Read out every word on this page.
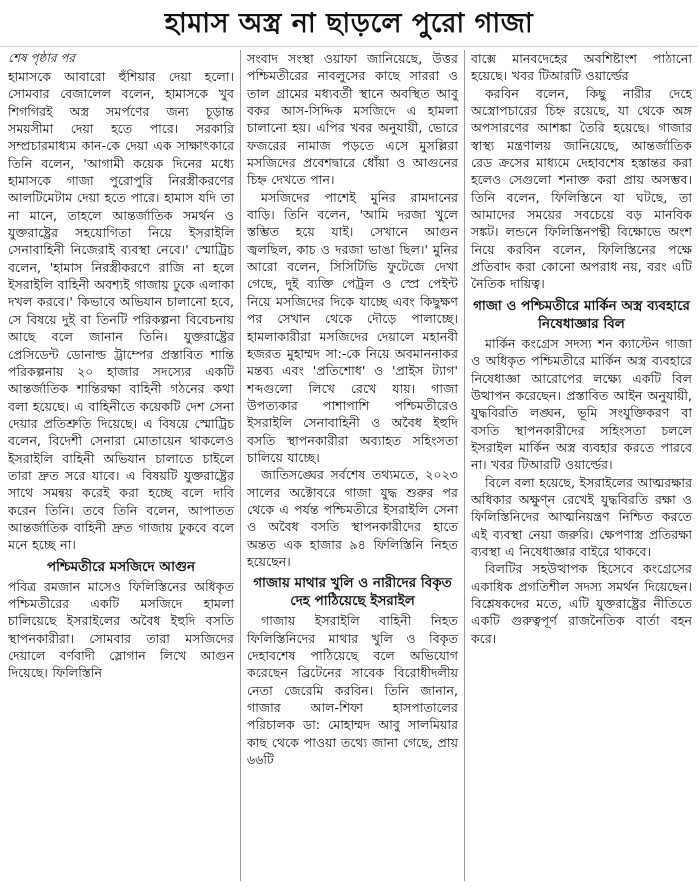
হামাস অস্ত্র না ছাড়লে পুরো গাজা
শেষ পৃষ্ঠার পর

হামাসকে আবারো হুঁশিয়ার দেয়া হলো। সোমবার বেজালেল বলেন, হামাসকে খুব শিগগিরই অস্ত্র সমর্পণের জন্য চূড়ান্ত সময়সীমা দেয়া হতে পারে। সরকারি সম্প্রচারমাধ্যম কান-কে দেয়া এক সাক্ষাৎকারে তিনি বলেন, 'আগামী কয়েক দিনের মধ্যে হামাসকে গাজা পুরোপুরি নিরস্ত্রীকরণের আলটিমেটাম দেয়া হতে পারে। হামাস যদি তা না মানে, তাহলে আন্তর্জাতিক সমর্থন ও যুক্তরাষ্ট্রের সহযোগিতা নিয়ে ইসরাইলি সেনাবাহিনী নিজেরাই ব্যবস্থা নেবে।' স্মোট্রিচ বলেন, 'হামাস নিরস্ত্রীকরণে রাজি না হলে ইসরাইলি বাহিনী অবশ্যই গাজায় ঢুকে এলাকা দখল করবে।' কিভাবে অভিযান চালানো হবে, সে বিষয়ে দুই বা তিনটি পরিকল্পনা বিবেচনায় আছে বলে জানান তিনি। যুক্তরাষ্ট্রের প্রেসিডেন্ট ডোনাল্ড ট্রাম্পের প্রস্তাবিত শান্তি পরিকল্পনায় ২০ হাজার সদস্যের একটি আন্তর্জাতিক শান্তিরক্ষা বাহিনী গঠনের কথা বলা হয়েছে। এ বাহিনীতে কয়েকটি দেশ সেনা দেয়ার প্রতিশ্রুতি দিয়েছে। এ বিষয়ে স্মোট্রিচ বলেন, বিদেশী সেনারা মোতায়েন থাকলেও ইসরাইলি বাহিনী অভিযান চালাতে চাইলে তারা দ্রুত সরে যাবে। এ বিষয়টি যুক্তরাষ্ট্রের সাথে সমন্বয় করেই করা হচ্ছে বলে দাবি করেন তিনি। তবে তিনি বলেন, আপাতত আন্তর্জাতিক বাহিনী দ্রুত গাজায় ঢুকবে বলে মনে হচ্ছে না।

পশ্চিমতীরে মসজিদে আগুন

পবিত্র রমজান মাসেও ফিলিস্তিনের অধিকৃত পশ্চিমতীরের একটি মসজিদে হামলা চালিয়েছে ইসরাইলের অবৈধ ইহুদি বসতি স্থাপনকারীরা। সোমবার তারা মসজিদের দেয়ালে বর্ণবাদী স্লোগান লিখে আগুন দিয়েছে। ফিলিস্তিনি

সংবাদ সংস্থা ওয়াফা জানিয়েছে, উত্তর পশ্চিমতীরের নাবলুসের কাছে সাররা ও তাল গ্রামের মধ্যবর্তী স্থানে অবস্থিত আবু বকর আস-সিদ্দিক মসজিদে এ হামলা চালানো হয়। এপির খবর অনুযায়ী, ভোরে ফজরের নামাজ পড়তে এসে মুসল্লিরা মসজিদের প্রবেশদ্বারে ধোঁয়া ও আগুনের চিহ্ন দেখতে পান।

মসজিদের পাশেই মুনির রামদানের বাড়ি। তিনি বলেন, 'আমি দরজা খুলে স্তম্ভিত হয়ে যাই। সেখানে আগুন জ্বলছিল, কাচ ও দরজা ভাঙা ছিল।' মুনির আরো বলেন, সিসিটিভি ফুটেজে দেখা গেছে, দুই ব্যক্তি পেট্রল ও স্প্রে পেইন্ট নিয়ে মসজিদের দিকে যাচ্ছে এবং কিছুক্ষণ পর সেখান থেকে দৌড়ে পালাচ্ছে। হামলাকারীরা মসজিদের দেয়ালে মহানবী হজরত মুহাম্মদ সা:-কে নিয়ে অবমাননাকর মন্তব্য এবং 'প্রতিশোধ' ও 'প্রাইস ট্যাগ' শব্দগুলো লিখে রেখে যায়। গাজা উপত্যকার পাশাপাশি পশ্চিমতীরেও ইসরাইলি সেনাবাহিনী ও অবৈধ ইহুদি বসতি স্থাপনকারীরা অব্যাহত সহিংসতা চালিয়ে যাচ্ছে।

জাতিসঙ্ঘের সর্বশেষ তথ্যমতে, ২০২৩ সালের অক্টোবরে গাজা যুদ্ধ শুরুর পর থেকে এ পর্যন্ত পশ্চিমতীরে ইসরাইলি সেনা ও অবৈধ বসতি স্থাপনকারীদের হাতে অন্তত এক হাজার ৯৪ ফিলিস্তিনি নিহত হয়েছেন।

গাজায় মাথার খুলি ও নারীদের বিকৃত দেহ পাঠিয়েছে ইসরাইল

গাজায় ইসরাইলি বাহিনী নিহত ফিলিস্তিনিদের মাথার খুলি ও বিকৃত দেহাবশেষ পাঠিয়েছে বলে অভিযোগ করেছেন ব্রিটেনের সাবেক বিরোধীদলীয় নেতা জেরেমি করবিন। তিনি জানান, গাজার আল-শিফা হাসপাতালের পরিচালক ডা: মোহাম্মদ আবু সালমিয়ার কাছ থেকে পাওয়া তথ্যে জানা গেছে, প্রায় ৬৬টি

বাক্সে মানবদেহের অবশিষ্টাংশ পাঠানো হয়েছে। খবর টিআরটি ওয়ার্ল্ডের

করবিন বলেন, কিছু নারীর দেহে অস্ত্রোপচারের চিহ্ন রয়েছে, যা থেকে অঙ্গ অপসারণের আশঙ্কা তৈরি হয়েছে। গাজার স্বাস্থ্য মন্ত্রণালয় জানিয়েছে, আন্তর্জাতিক রেড ক্রসের মাধ্যমে দেহাবশেষ হস্তান্তর করা হলেও সেগুলো শনাক্ত করা প্রায় অসম্ভব। তিনি বলেন, ফিলিস্তিনে যা ঘটছে, তা আমাদের সময়ের সবচেয়ে বড় মানবিক সঙ্কট। লন্ডনে ফিলিস্তিনপন্থী বিক্ষোভে অংশ নিয়ে করবিন বলেন, ফিলিস্তিনের পক্ষে প্রতিবাদ করা কোনো অপরাধ নয়, বরং এটি নৈতিক দায়িত্ব।

গাজা ও পশ্চিমতীরে মার্কিন অস্ত্র ব্যবহারে নিষেধাজ্ঞার বিল

মার্কিন কংগ্রেস সদস্য শন ক্যাস্টেন গাজা ও অধিকৃত পশ্চিমতীরে মার্কিন অস্ত্র ব্যবহারে নিষেধাজ্ঞা আরোপের লক্ষ্যে একটি বিল উত্থাপন করেছেন। প্রস্তাবিত আইন অনুযায়ী, যুদ্ধবিরতি লঙ্ঘন, ভূমি সংযুক্তিকরণ বা বসতি স্থাপনকারীদের সহিংসতা চললে ইসরাইল মার্কিন অস্ত্র ব্যবহার করতে পারবে না। খবর টিআরটি ওয়ার্ল্ডের।

বিলে বলা হয়েছে, ইসরাইলের আত্মরক্ষার অধিকার অক্ষুণ্ন রেখেই যুদ্ধবিরতি রক্ষা ও ফিলিস্তিনিদের আত্মনিয়ন্ত্রণ নিশ্চিত করতে এই ব্যবস্থা নেয়া জরুরি। ক্ষেপণাস্ত্র প্রতিরক্ষা ব্যবস্থা এ নিষেধাজ্ঞার বাইরে থাকবে।

বিলটির সহউত্থাপক হিসেবে কংগ্রেসের একাধিক প্রগতিশীল সদস্য সমর্থন দিয়েছেন। বিশ্লেষকদের মতে, এটি যুক্তরাষ্ট্রের নীতিতে একটি গুরুত্বপূর্ণ রাজনৈতিক বার্তা বহন করে।
